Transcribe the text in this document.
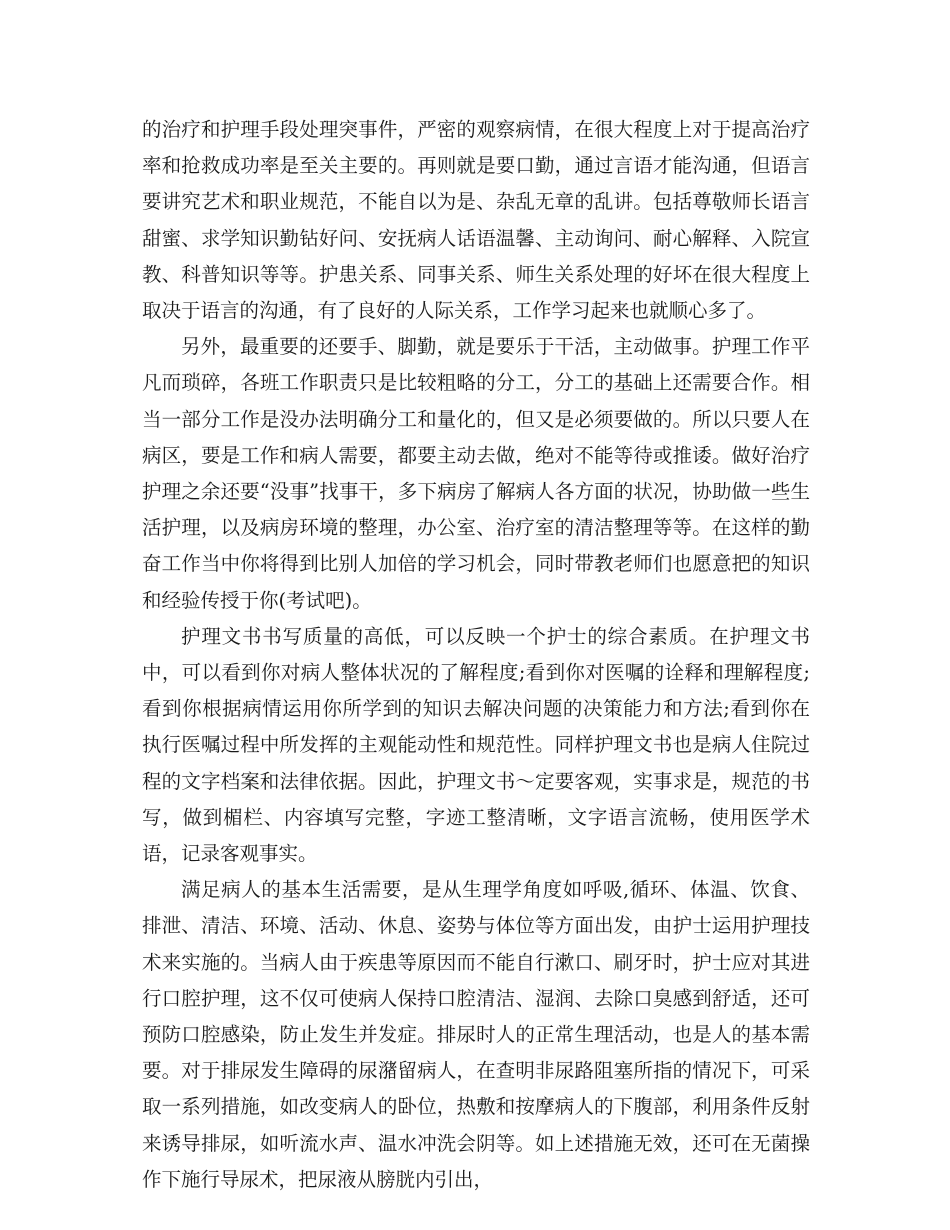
的治疗和护理手段处理突事件，严密的观察病情，在很大程度上对于提高治疗率和抢救成功率是至关主要的。再则就是要口勤，通过言语才能沟通，但语言要讲究艺术和职业规范，不能自以为是、杂乱无章的乱讲。包括尊敬师长语言甜蜜、求学知识勤钻好问、安抚病人话语温馨、主动询问、耐心解释、入院宣教、科普知识等等。护患关系、同事关系、师生关系处理的好坏在很大程度上取决于语言的沟通，有了良好的人际关系，工作学习起来也就顺心多了。

另外，最重要的还要手、脚勤，就是要乐于干活，主动做事。护理工作平凡而琐碎，各班工作职责只是比较粗略的分工，分工的基础上还需要合作。相当一部分工作是没办法明确分工和量化的，但又是必须要做的。所以只要人在病区，要是工作和病人需要，都要主动去做，绝对不能等待或推诿。做好治疗护理之余还要“没事”找事干，多下病房了解病人各方面的状况，协助做一些生活护理，以及病房环境的整理，办公室、治疗室的清洁整理等等。在这样的勤奋工作当中你将得到比别人加倍的学习机会，同时带教老师们也愿意把的知识和经验传授于你(考试吧)。

护理文书书写质量的高低，可以反映一个护士的综合素质。在护理文书中，可以看到你对病人整体状况的了解程度;看到你对医嘱的诠释和理解程度;看到你根据病情运用你所学到的知识去解决问题的决策能力和方法;看到你在执行医嘱过程中所发挥的主观能动性和规范性。同样护理文书也是病人住院过程的文字档案和法律依据。因此，护理文书～定要客观，实事求是，规范的书写，做到楣栏、内容填写完整，字迹工整清晰，文字语言流畅，使用医学术语，记录客观事实。

满足病人的基本生活需要，是从生理学角度如呼吸,循环、体温、饮食、排泄、清洁、环境、活动、休息、姿势与体位等方面出发，由护士运用护理技术来实施的。当病人由于疾患等原因而不能自行漱口、刷牙时，护士应对其进行口腔护理，这不仅可使病人保持口腔清洁、湿润、去除口臭感到舒适，还可预防口腔感染，防止发生并发症。排尿时人的正常生理活动，也是人的基本需要。对于排尿发生障碍的尿潴留病人，在查明非尿路阻塞所指的情况下，可采取一系列措施，如改变病人的卧位，热敷和按摩病人的下腹部，利用条件反射来诱导排尿，如听流水声、温水冲洗会阴等。如上述措施无效，还可在无菌操作下施行导尿术，把尿液从膀胱内引出，
